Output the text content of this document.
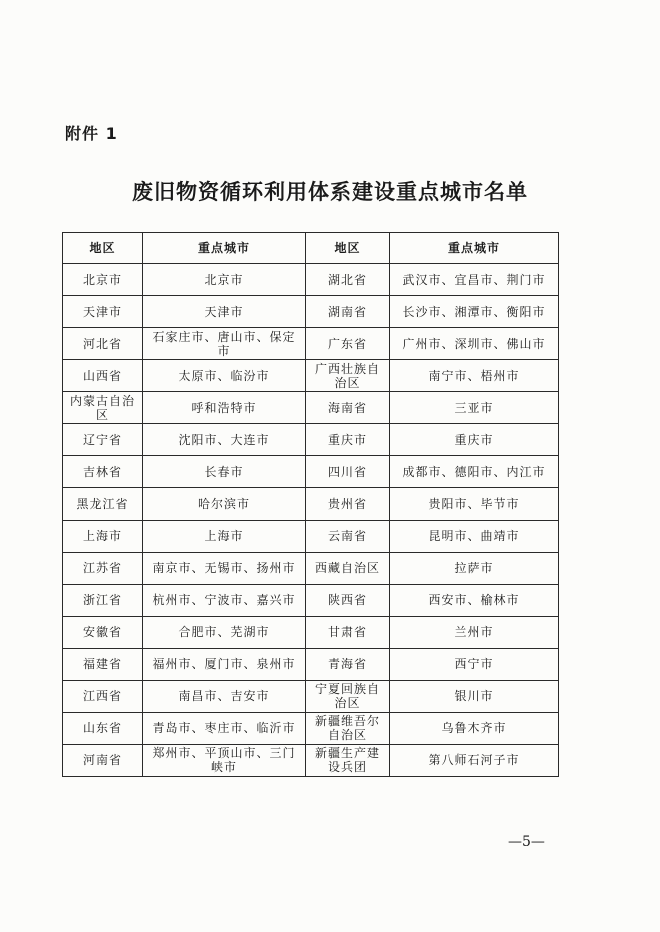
附件 1
废旧物资循环利用体系建设重点城市名单
地区	重点城市	地区	重点城市
北京市	北京市	湖北省	武汉市、宜昌市、荆门市
天津市	天津市	湖南省	长沙市、湘潭市、衡阳市
河北省	石家庄市、唐山市、保定市	广东省	广州市、深圳市、佛山市
山西省	太原市、临汾市	广西壮族自治区	南宁市、梧州市
内蒙古自治区	呼和浩特市	海南省	三亚市
辽宁省	沈阳市、大连市	重庆市	重庆市
吉林省	长春市	四川省	成都市、德阳市、内江市
黑龙江省	哈尔滨市	贵州省	贵阳市、毕节市
上海市	上海市	云南省	昆明市、曲靖市
江苏省	南京市、无锡市、扬州市	西藏自治区	拉萨市
浙江省	杭州市、宁波市、嘉兴市	陕西省	西安市、榆林市
安徽省	合肥市、芜湖市	甘肃省	兰州市
福建省	福州市、厦门市、泉州市	青海省	西宁市
江西省	南昌市、吉安市	宁夏回族自治区	银川市
山东省	青岛市、枣庄市、临沂市	新疆维吾尔自治区	乌鲁木齐市
河南省	郑州市、平顶山市、三门峡市	新疆生产建设兵团	第八师石河子市
—5—
